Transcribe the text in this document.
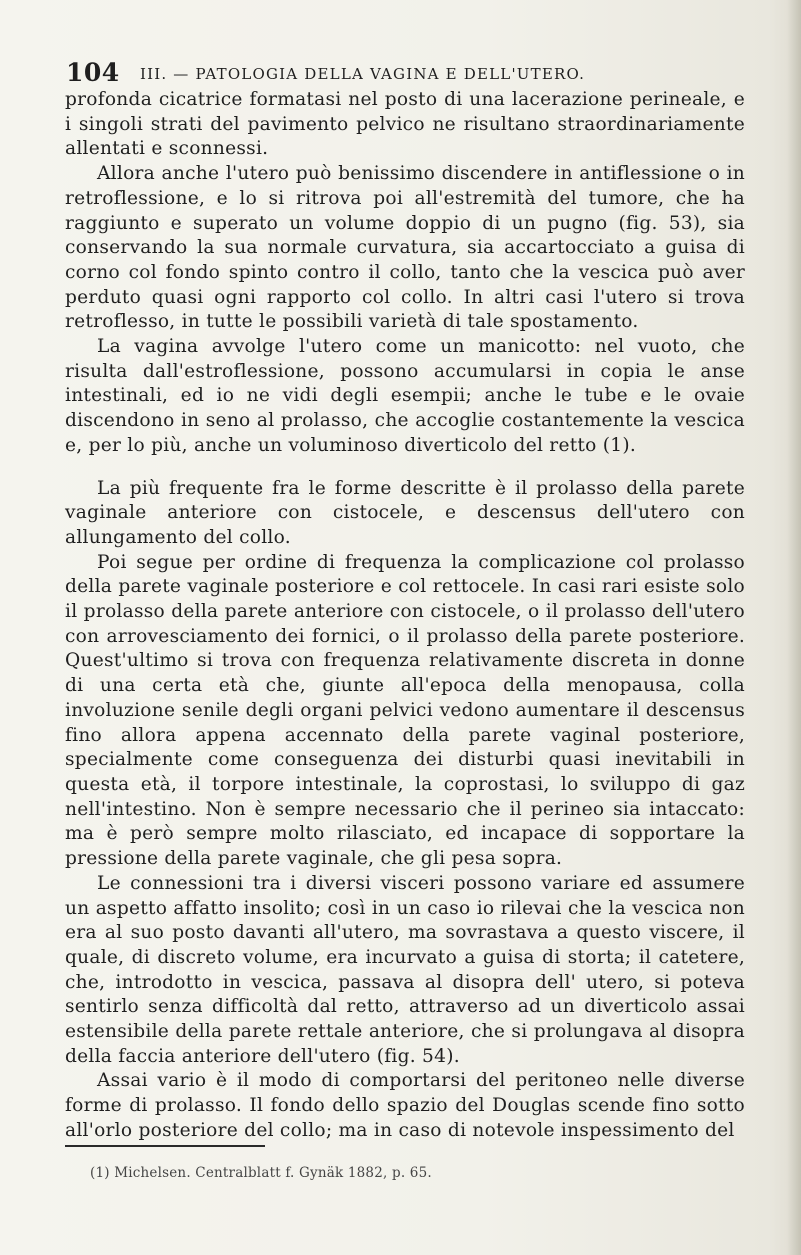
104 III. — PATOLOGIA DELLA VAGINA E DELL'UTERO.

profonda cicatrice formatasi nel posto di una lacerazione perineale, e i singoli strati del pavimento pelvico ne risultano straordinariamente allentati e sconnessi.

Allora anche l'utero può benissimo discendere in antiflessione o in retroflessione, e lo si ritrova poi all'estremità del tumore, che ha raggiunto e superato un volume doppio di un pugno (fig. 53), sia conservando la sua normale curvatura, sia accartocciato a guisa di corno col fondo spinto contro il collo, tanto che la vescica può aver perduto quasi ogni rapporto col collo. In altri casi l'utero si trova retroflesso, in tutte le possibili varietà di tale spostamento.

La vagina avvolge l'utero come un manicotto: nel vuoto, che risulta dall'estroflessione, possono accumularsi in copia le anse intestinali, ed io ne vidi degli esempii; anche le tube e le ovaie discendono in seno al prolasso, che accoglie costantemente la vescica e, per lo più, anche un voluminoso diverticolo del retto (1).

La più frequente fra le forme descritte è il prolasso della parete vaginale anteriore con cistocele, e descensus dell'utero con allungamento del collo.

Poi segue per ordine di frequenza la complicazione col prolasso della parete vaginale posteriore e col rettocele. In casi rari esiste solo il prolasso della parete anteriore con cistocele, o il prolasso dell'utero con arrovesciamento dei fornici, o il prolasso della parete posteriore. Quest'ultimo si trova con frequenza relativamente discreta in donne di una certa età che, giunte all'epoca della menopausa, colla involuzione senile degli organi pelvici vedono aumentare il descensus fino allora appena accennato della parete vaginal posteriore, specialmente come conseguenza dei disturbi quasi inevitabili in questa età, il torpore intestinale, la coprostasi, lo sviluppo di gaz nell'intestino. Non è sempre necessario che il perineo sia intaccato: ma è però sempre molto rilasciato, ed incapace di sopportare la pressione della parete vaginale, che gli pesa sopra.

Le connessioni tra i diversi visceri possono variare ed assumere un aspetto affatto insolito; così in un caso io rilevai che la vescica non era al suo posto davanti all'utero, ma sovrastava a questo viscere, il quale, di discreto volume, era incurvato a guisa di storta; il catetere, che, introdotto in vescica, passava al disopra dell' utero, si poteva sentirlo senza difficoltà dal retto, attraverso ad un diverticolo assai estensibile della parete rettale anteriore, che si prolungava al disopra della faccia anteriore dell'utero (fig. 54).

Assai vario è il modo di comportarsi del peritoneo nelle diverse forme di prolasso. Il fondo dello spazio del Douglas scende fino sotto all'orlo posteriore del collo; ma in caso di notevole inspessimento del

(1) Michelsen. Centralblatt f. Gynäk 1882, p. 65.
